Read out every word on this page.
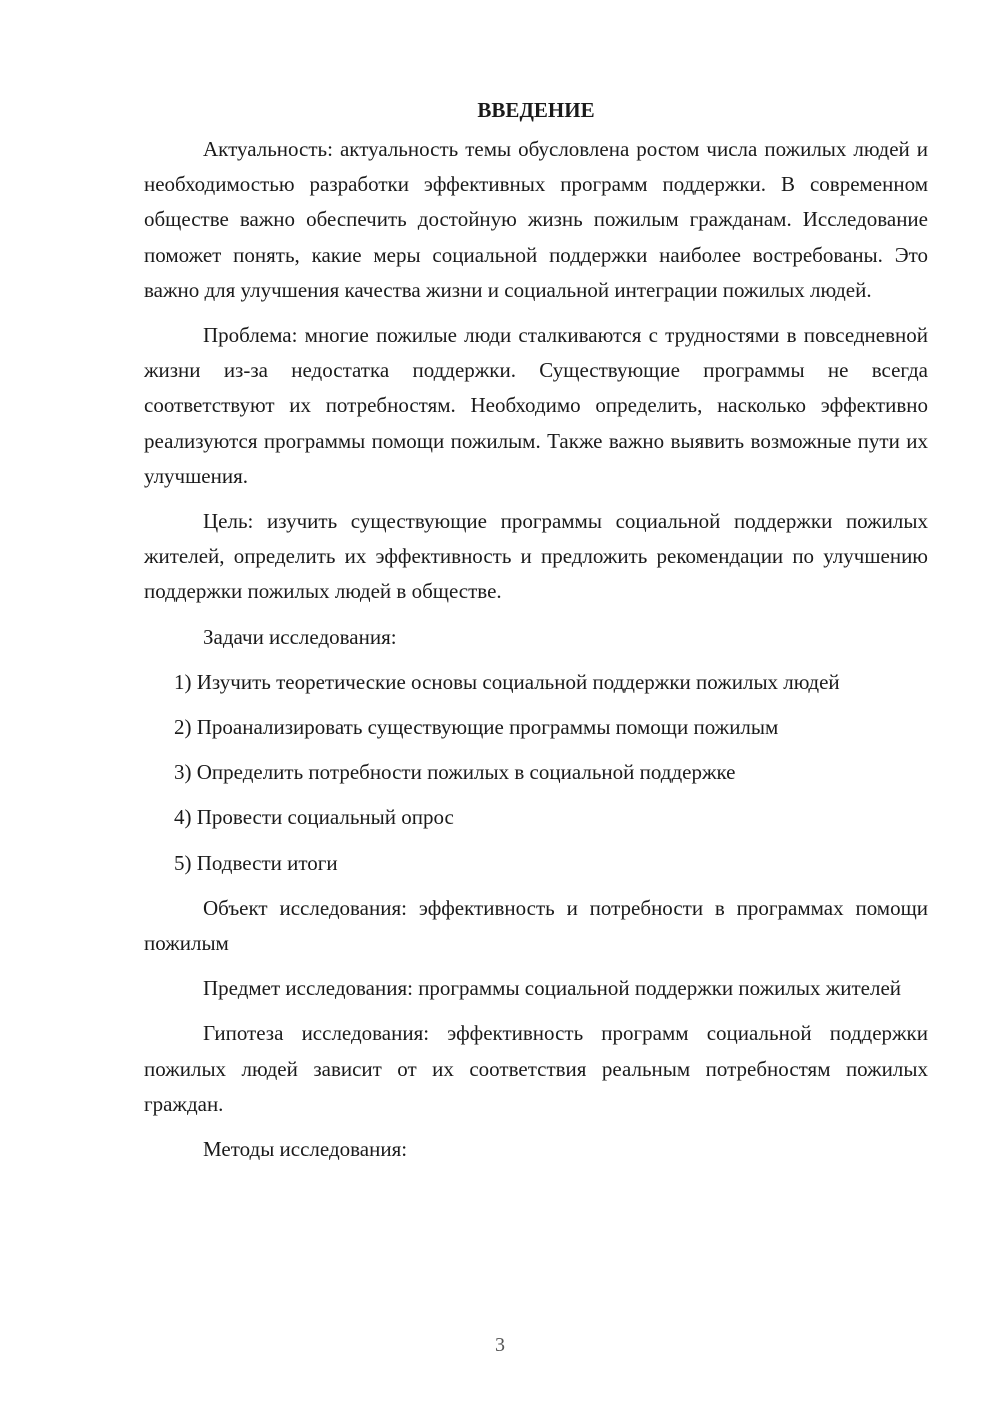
ВВЕДЕНИЕ

Актуальность: актуальность темы обусловлена ростом числа пожилых людей и необходимостью разработки эффективных программ поддержки. В современном обществе важно обеспечить достойную жизнь пожилым гражданам. Исследование поможет понять, какие меры социальной поддержки наиболее востребованы. Это важно для улучшения качества жизни и социальной интеграции пожилых людей.

Проблема: многие пожилые люди сталкиваются с трудностями в повседневной жизни из-за недостатка поддержки. Существующие программы не всегда соответствуют их потребностям. Необходимо определить, насколько эффективно реализуются программы помощи пожилым. Также важно выявить возможные пути их улучшения.

Цель: изучить существующие программы социальной поддержки пожилых жителей, определить их эффективность и предложить рекомендации по улучшению поддержки пожилых людей в обществе.

Задачи исследования:

1) Изучить теоретические основы социальной поддержки пожилых людей

2) Проанализировать существующие программы помощи пожилым

3) Определить потребности пожилых в социальной поддержке

4) Провести социальный опрос

5) Подвести итоги

Объект исследования: эффективность и потребности в программах помощи пожилым

Предмет исследования: программы социальной поддержки пожилых жителей

Гипотеза исследования: эффективность программ социальной поддержки пожилых людей зависит от их соответствия реальным потребностям пожилых граждан.

Методы исследования:

3
